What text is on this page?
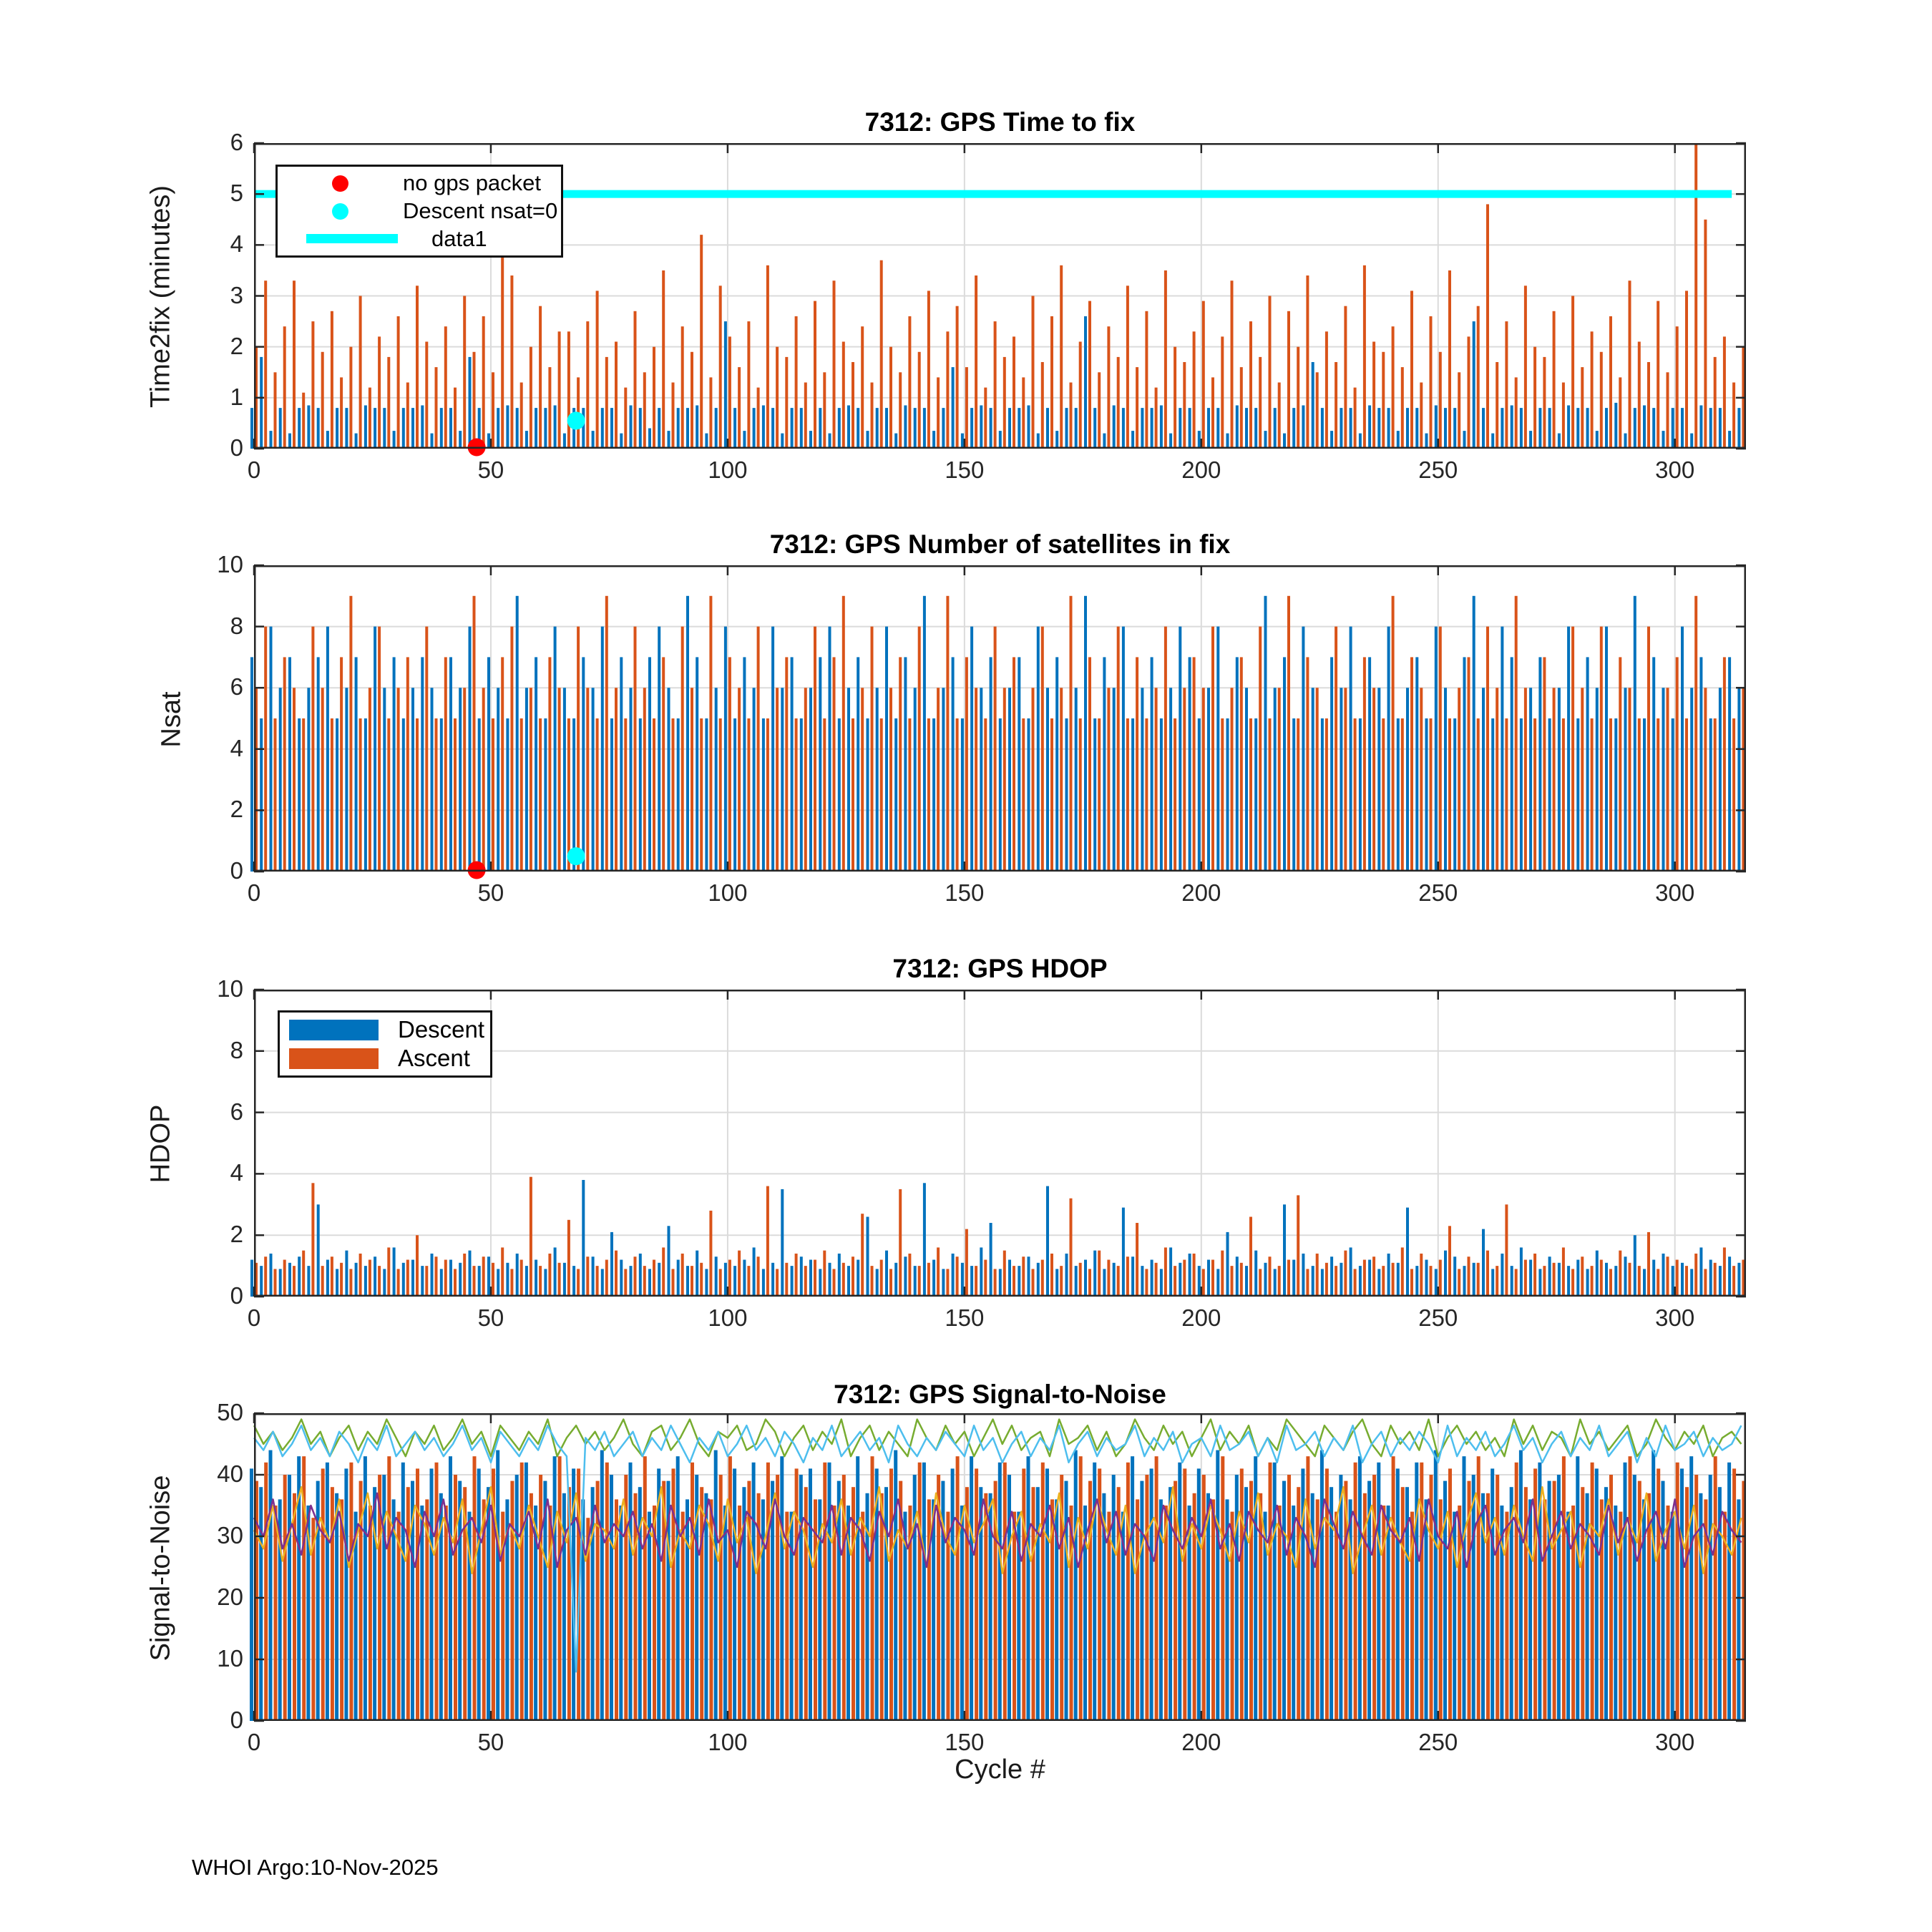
7312: GPS Time to fix
7312: GPS Number of satellites in fix
7312: GPS HDOP
7312: GPS Signal-to-Noise
Time2fix (minutes)
Nsat
HDOP
Signal-to-Noise
no gps packet
Descent nsat=0
data1
Descent
Ascent
Cycle #
WHOI Argo:10-Nov-2025
0
1
2
3
4
5
6
0	50	100	150	200	250	300
0
2
4
6
8
10
0	50	100	150	200	250	300
0
2
4
6
8
10
0	50	100	150	200	250	300
0
10
20
30
40
50
0	50	100	150	200	250	300
